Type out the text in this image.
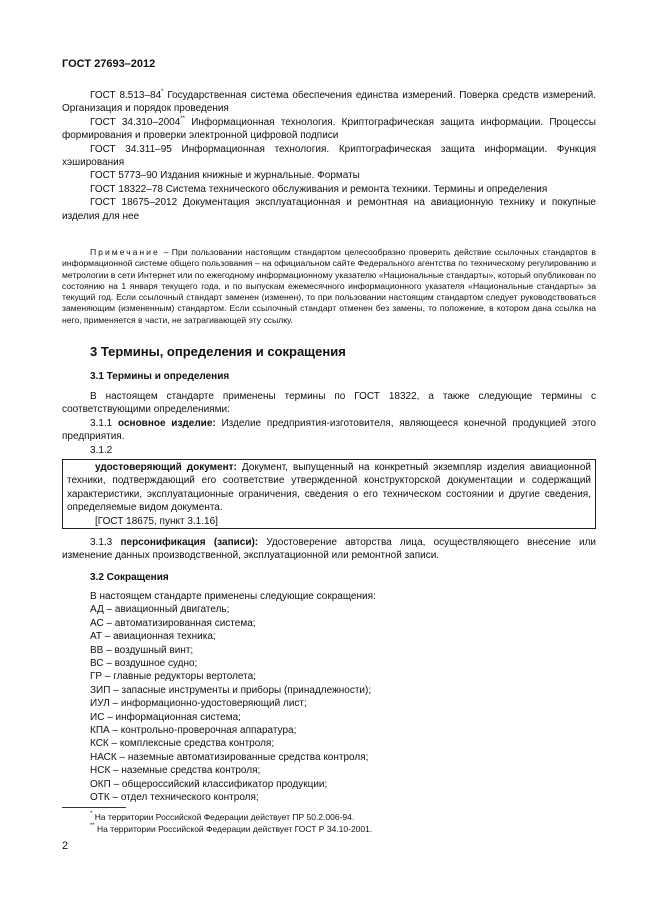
ГОСТ 27693–2012

ГОСТ 8.513–84* Государственная система обеспечения единства измерений. Поверка средств измерений. Организация и порядок проведения

ГОСТ 34.310–2004** Информационная технология. Криптографическая защита информации. Процессы формирования и проверки электронной цифровой подписи

ГОСТ 34.311–95 Информационная технология. Криптографическая защита информации. Функция хэширования

ГОСТ 5773–90 Издания книжные и журнальные. Форматы

ГОСТ 18322–78 Система технического обслуживания и ремонта техники. Термины и определения

ГОСТ 18675–2012 Документация эксплуатационная и ремонтная на авиационную технику и покупные изделия для нее

Примечание – При пользовании настоящим стандартом целесообразно проверить действие ссылочных стандартов в информационной системе общего пользования – на официальном сайте Федерального агентства по техническому регулированию и метрологии в сети Интернет или по ежегодному информационному указателю «Национальные стандарты», который опубликован по состоянию на 1 января текущего года, и по выпускам ежемесячного информационного указателя «Национальные стандарты» за текущий год. Если ссылочный стандарт заменен (изменен), то при пользовании настоящим стандартом следует руководствоваться заменяющим (измененным) стандартом. Если ссылочный стандарт отменен без замены, то положение, в котором дана ссылка на него, применяется в части, не затрагивающей эту ссылку.

3 Термины, определения и сокращения
3.1 Термины и определения

В настоящем стандарте применены термины по ГОСТ 18322, а также следующие термины с соответствующими определениями:

3.1.1 основное изделие: Изделие предприятия-изготовителя, являющееся конечной продукцией этого предприятия.

3.1.2

удостоверяющий документ: Документ, выпущенный на конкретный экземпляр изделия авиационной техники, подтверждающий его соответствие утвержденной конструкторской документации и содержащий характеристики, эксплуатационные ограничения, сведения о его техническом состоянии и другие сведения, определяемые видом документа.

[ГОСТ 18675, пункт 3.1.16]

3.1.3 персонификация (записи): Удостоверение авторства лица, осуществляющего внесение или изменение данных производственной, эксплуатационной или ремонтной записи.

3.2 Сокращения

В настоящем стандарте применены следующие сокращения:

АД – авиационный двигатель;

АС – автоматизированная система;

АТ – авиационная техника;

ВВ – воздушный винт;

ВС – воздушное судно;

ГР – главные редукторы вертолета;

ЗИП – запасные инструменты и приборы (принадлежности);

ИУЛ – информационно-удостоверяющий лист;

ИС – информационная система;

КПА – контрольно-проверочная аппаратура;

КСК – комплексные средства контроля;

НАСК – наземные автоматизированные средства контроля;

НСК – наземные средства контроля;

ОКП – общероссийский классификатор продукции;

ОТК – отдел технического контроля;

* На территории Российской Федерации действует ПР 50.2.006-94.
** На территории Российской Федерации действует ГОСТ Р 34.10-2001.
2
